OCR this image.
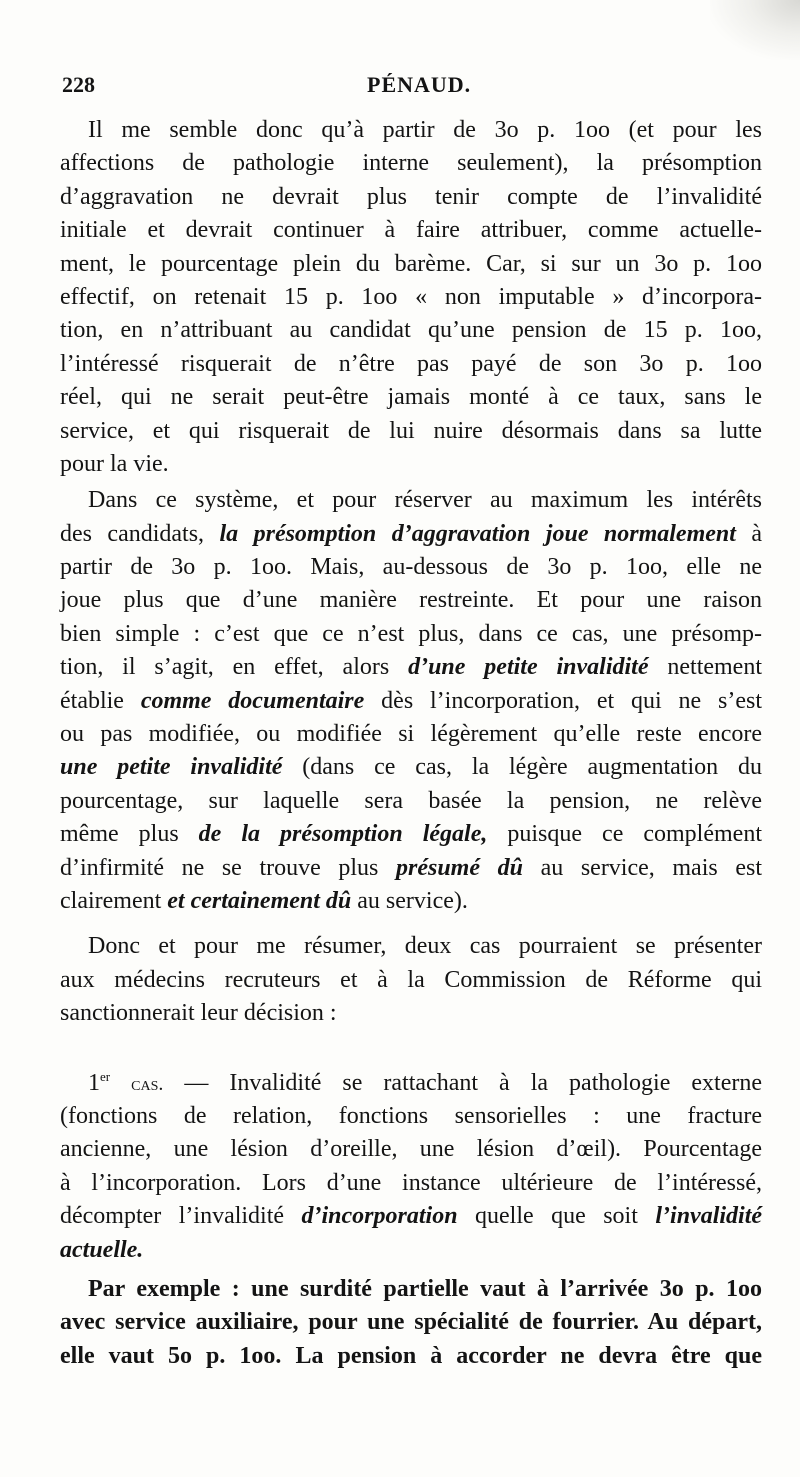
228	PÉNAUD.
Il me semble donc qu’à partir de 3o p. 1oo (et pour les
affections de pathologie interne seulement), la présomption
d’aggravation ne devrait plus tenir compte de l’invalidité
initiale et devrait continuer à faire attribuer, comme actuelle-
ment, le pourcentage plein du barème. Car, si sur un 3o p. 1oo
effectif, on retenait 15 p. 1oo « non imputable » d’incorpora-
tion, en n’attribuant au candidat qu’une pension de 15 p. 1oo,
l’intéressé risquerait de n’être pas payé de son 3o p. 1oo
réel, qui ne serait peut-être jamais monté à ce taux, sans le
service, et qui risquerait de lui nuire désormais dans sa lutte
pour la vie.
Dans ce système, et pour réserver au maximum les intérêts
des candidats, la présomption d’aggravation joue normalement à
partir de 3o p. 1oo. Mais, au-dessous de 3o p. 1oo, elle ne
joue plus que d’une manière restreinte. Et pour une raison
bien simple : c’est que ce n’est plus, dans ce cas, une présomp-
tion, il s’agit, en effet, alors d’une petite invalidité nettement
établie comme documentaire dès l’incorporation, et qui ne s’est
ou pas modifiée, ou modifiée si légèrement qu’elle reste encore
une petite invalidité (dans ce cas, la légère augmentation du
pourcentage, sur laquelle sera basée la pension, ne relève
même plus de la présomption légale, puisque ce complément
d’infirmité ne se trouve plus présumé dû au service, mais est
clairement et certainement dû au service).
Donc et pour me résumer, deux cas pourraient se présenter
aux médecins recruteurs et à la Commission de Réforme qui
sanctionnerait leur décision :
1er cas. — Invalidité se rattachant à la pathologie externe
(fonctions de relation, fonctions sensorielles : une fracture
ancienne, une lésion d’oreille, une lésion d’œil). Pourcentage
à l’incorporation. Lors d’une instance ultérieure de l’intéressé,
décompter l’invalidité d’incorporation quelle que soit l’invalidité
actuelle.
Par exemple : une surdité partielle vaut à l’arrivée 3o p. 1oo
avec service auxiliaire, pour une spécialité de fourrier. Au départ,
elle vaut 5o p. 1oo. La pension à accorder ne devra être que
